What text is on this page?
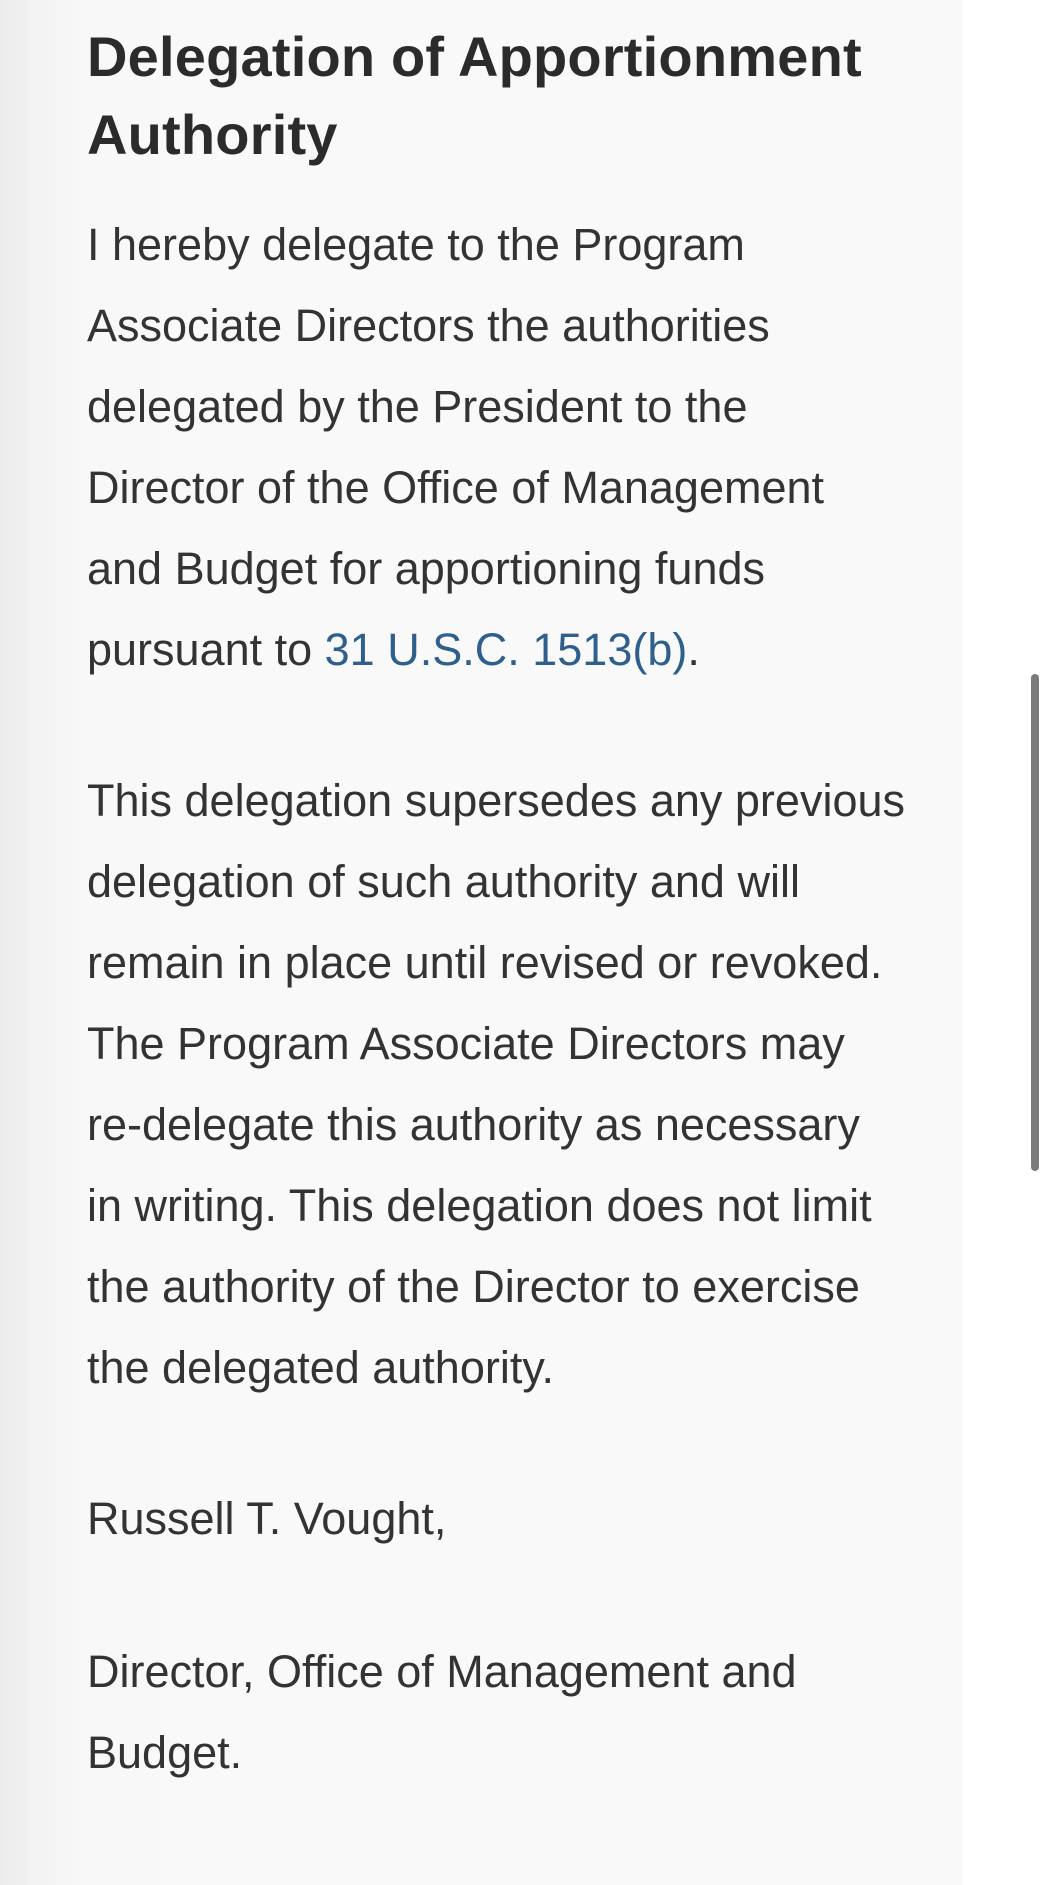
Delegation of Apportionment Authority

I hereby delegate to the Program Associate Directors the authorities delegated by the President to the Director of the Office of Management and Budget for apportioning funds pursuant to 31 U.S.C. 1513(b).

This delegation supersedes any previous delegation of such authority and will remain in place until revised or revoked. The Program Associate Directors may re-delegate this authority as necessary in writing. This delegation does not limit the authority of the Director to exercise the delegated authority.

Russell T. Vought,

Director, Office of Management and Budget.
